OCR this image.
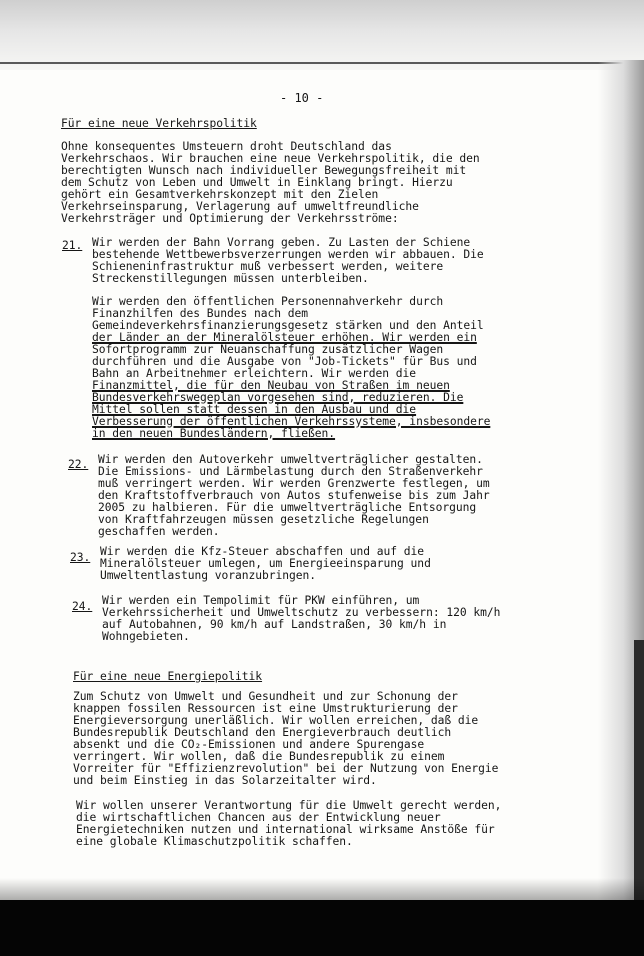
- 10 -
Für eine neue Verkehrspolitik
Ohne konsequentes Umsteuern droht Deutschland das
Verkehrschaos. Wir brauchen eine neue Verkehrspolitik, die den
berechtigten Wunsch nach individueller Bewegungsfreiheit mit
dem Schutz von Leben und Umwelt in Einklang bringt. Hierzu
gehört ein Gesamtverkehrskonzept mit den Zielen
Verkehrseinsparung, Verlagerung auf umweltfreundliche
Verkehrsträger und Optimierung der Verkehrsströme:
21. Wir werden der Bahn Vorrang geben. Zu Lasten der Schiene
bestehende Wettbewerbsverzerrungen werden wir abbauen. Die
Schieneninfrastruktur muß verbessert werden, weitere
Streckenstillegungen müssen unterbleiben.
Wir werden den öffentlichen Personennahverkehr durch
Finanzhilfen des Bundes nach dem
Gemeindeverkehrsfinanzierungsgesetz stärken und den Anteil
der Länder an der Mineralölsteuer erhöhen. Wir werden ein
Sofortprogramm zur Neuanschaffung zusätzlicher Wagen
durchführen und die Ausgabe von "Job-Tickets" für Bus und
Bahn an Arbeitnehmer erleichtern. Wir werden die
Finanzmittel, die für den Neubau von Straßen im neuen
Bundesverkehrswegeplan vorgesehen sind, reduzieren. Die
Mittel sollen statt dessen in den Ausbau und die
Verbesserung der öffentlichen Verkehrssysteme, insbesondere
in den neuen Bundesländern, fließen.
22. Wir werden den Autoverkehr umweltverträglicher gestalten.
Die Emissions- und Lärmbelastung durch den Straßenverkehr
muß verringert werden. Wir werden Grenzwerte festlegen, um
den Kraftstoffverbrauch von Autos stufenweise bis zum Jahr
2005 zu halbieren. Für die umweltverträgliche Entsorgung
von Kraftfahrzeugen müssen gesetzliche Regelungen
geschaffen werden.
23. Wir werden die Kfz-Steuer abschaffen und auf die
Mineralölsteuer umlegen, um Energieeinsparung und
Umweltentlastung voranzubringen.
24. Wir werden ein Tempolimit für PKW einführen, um
Verkehrssicherheit und Umweltschutz zu verbessern: 120 km/h
auf Autobahnen, 90 km/h auf Landstraßen, 30 km/h in
Wohngebieten.
Für eine neue Energiepolitik
Zum Schutz von Umwelt und Gesundheit und zur Schonung der
knappen fossilen Ressourcen ist eine Umstrukturierung der
Energieversorgung unerläßlich. Wir wollen erreichen, daß die
Bundesrepublik Deutschland den Energieverbrauch deutlich
absenkt und die CO₂-Emissionen und andere Spurengase
verringert. Wir wollen, daß die Bundesrepublik zu einem
Vorreiter für "Effizienzrevolution" bei der Nutzung von Energie
und beim Einstieg in das Solarzeitalter wird.
Wir wollen unserer Verantwortung für die Umwelt gerecht werden,
die wirtschaftlichen Chancen aus der Entwicklung neuer
Energietechniken nutzen und international wirksame Anstöße für
eine globale Klimaschutzpolitik schaffen.
